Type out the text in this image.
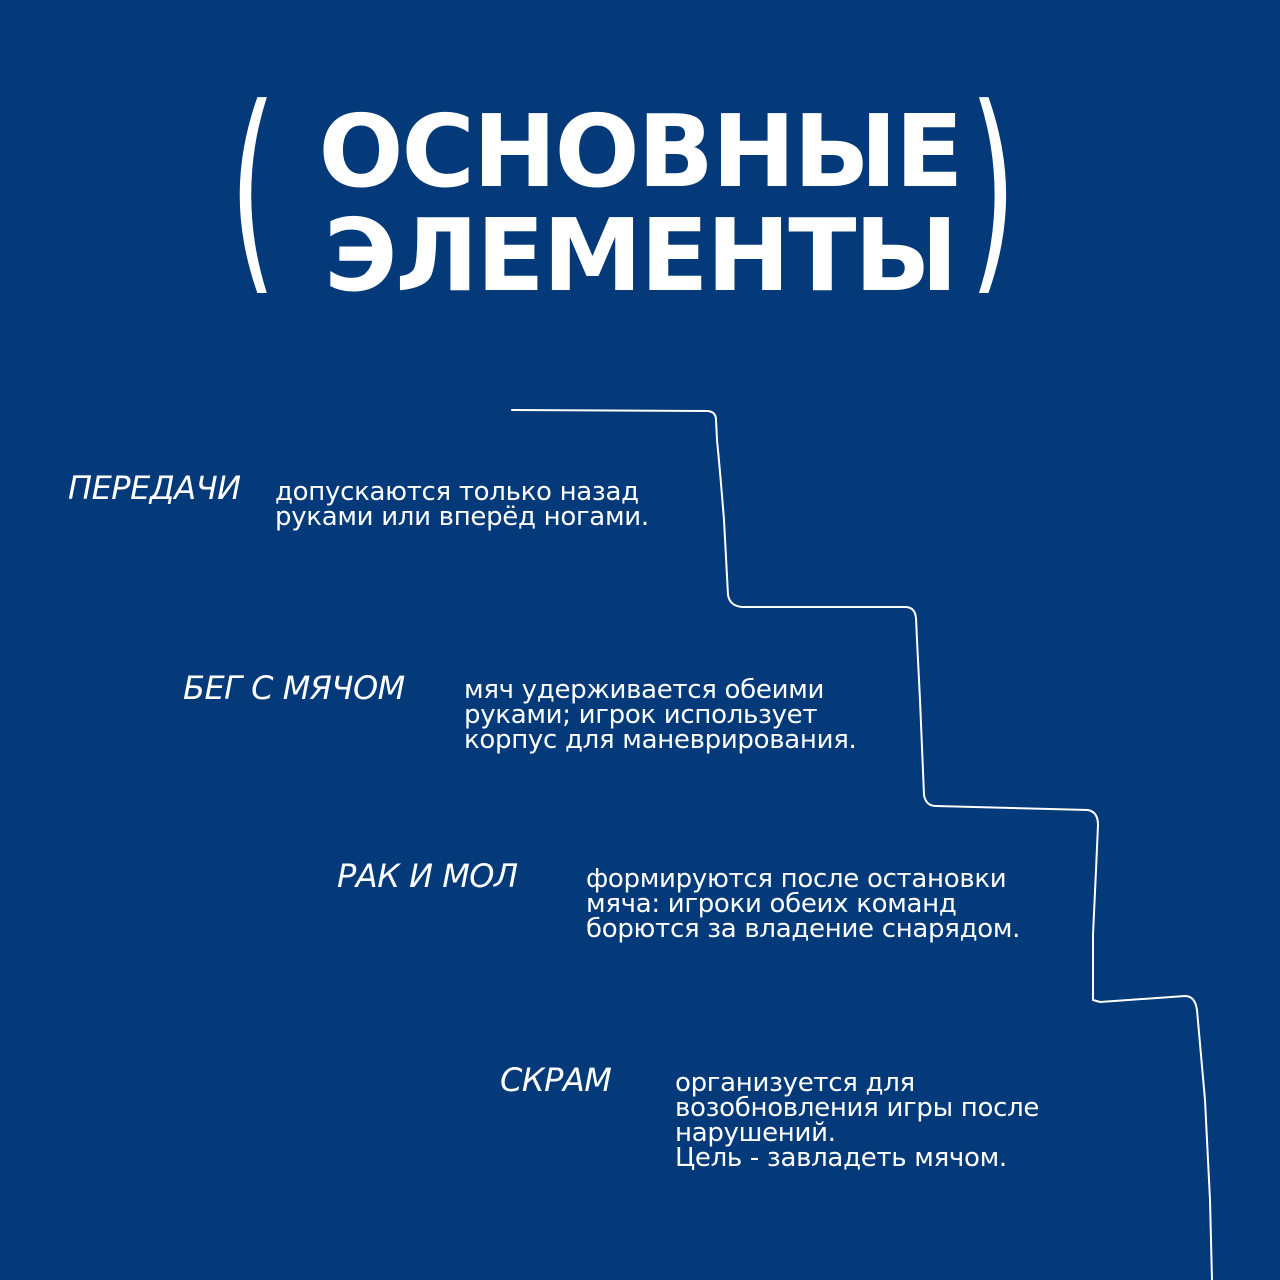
(	)
ОСНОВНЫЕ
ЭЛЕМЕНТЫ
ПЕРЕДАЧИ допускаются только назад
руками или вперёд ногами.
БЕГ С МЯЧОМ мяч удерживается обеими
руками; игрок использует
корпус для маневрирования.
РАК И МОЛ	формируются после остановки
мяча: игроки обеих команд
борются за владение снарядом.
СКРАМ организуется для
возобновления игры после
нарушений.
Цель - завладеть мячом.
